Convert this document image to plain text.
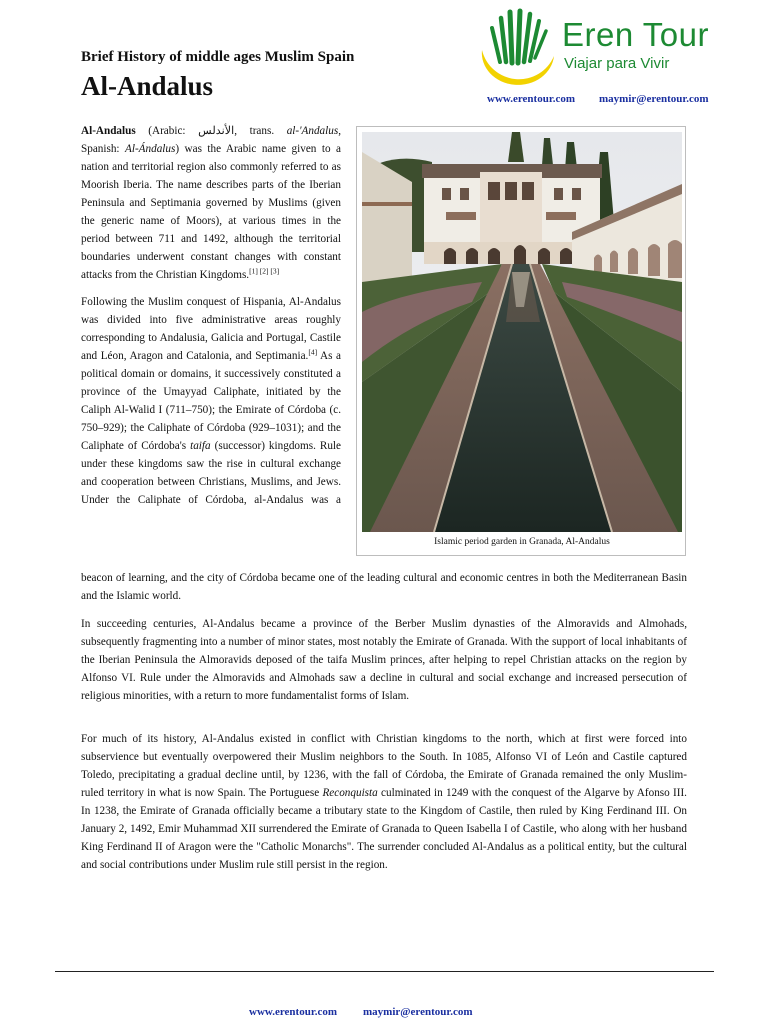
Brief History of middle ages Muslim Spain
Al-Andalus
Eren Tour
Viajar para Vivir
www.erentour.com maymir@erentour.com

Al-Andalus (Arabic: الأندلس, trans. al-'Andalus, Spanish: Al-Ándalus) was the Arabic name given to a nation and territorial region also commonly referred to as Moorish Iberia. The name describes parts of the Iberian Peninsula and Septimania governed by Muslims (given the generic name of Moors), at various times in the period between 711 and 1492, although the territorial boundaries underwent constant changes with constant attacks from the Christian Kingdoms.[1] [2] [3]

Following the Muslim conquest of Hispania, Al-Andalus was divided into five administrative areas roughly corresponding to Andalusia, Galicia and Portugal, Castile and Léon, Aragon and Catalonia, and Septimania.[4] As a political domain or domains, it successively constituted a province of the Umayyad Caliphate, initiated by the Caliph Al-Walid I (711–750); the Emirate of Córdoba (c. 750–929); the Caliphate of Córdoba (929–1031); and the Caliphate of Córdoba's taifa (successor) kingdoms. Rule under these kingdoms saw the rise in cultural exchange and cooperation between Christians, Muslims, and Jews. Under the Caliphate of Córdoba, al-Andalus was a

Islamic period garden in Granada, Al-Andalus

beacon of learning, and the city of Córdoba became one of the leading cultural and economic centres in both the Mediterranean Basin and the Islamic world.

In succeeding centuries, Al-Andalus became a province of the Berber Muslim dynasties of the Almoravids and Almohads, subsequently fragmenting into a number of minor states, most notably the Emirate of Granada. With the support of local inhabitants of the Iberian Peninsula the Almoravids deposed of the taifa Muslim princes, after helping to repel Christian attacks on the region by Alfonso VI. Rule under the Almoravids and Almohads saw a decline in cultural and social exchange and increased persecution of religious minorities, with a return to more fundamentalist forms of Islam.

For much of its history, Al-Andalus existed in conflict with Christian kingdoms to the north, which at first were forced into subservience but eventually overpowered their Muslim neighbors to the South. In 1085, Alfonso VI of León and Castile captured Toledo, precipitating a gradual decline until, by 1236, with the fall of Córdoba, the Emirate of Granada remained the only Muslim-ruled territory in what is now Spain. The Portuguese Reconquista culminated in 1249 with the conquest of the Algarve by Afonso III. In 1238, the Emirate of Granada officially became a tributary state to the Kingdom of Castile, then ruled by King Ferdinand III. On January 2, 1492, Emir Muhammad XII surrendered the Emirate of Granada to Queen Isabella I of Castile, who along with her husband King Ferdinand II of Aragon were the "Catholic Monarchs". The surrender concluded Al-Andalus as a political entity, but the cultural and social contributions under Muslim rule still persist in the region.

www.erentour.com maymir@erentour.com
